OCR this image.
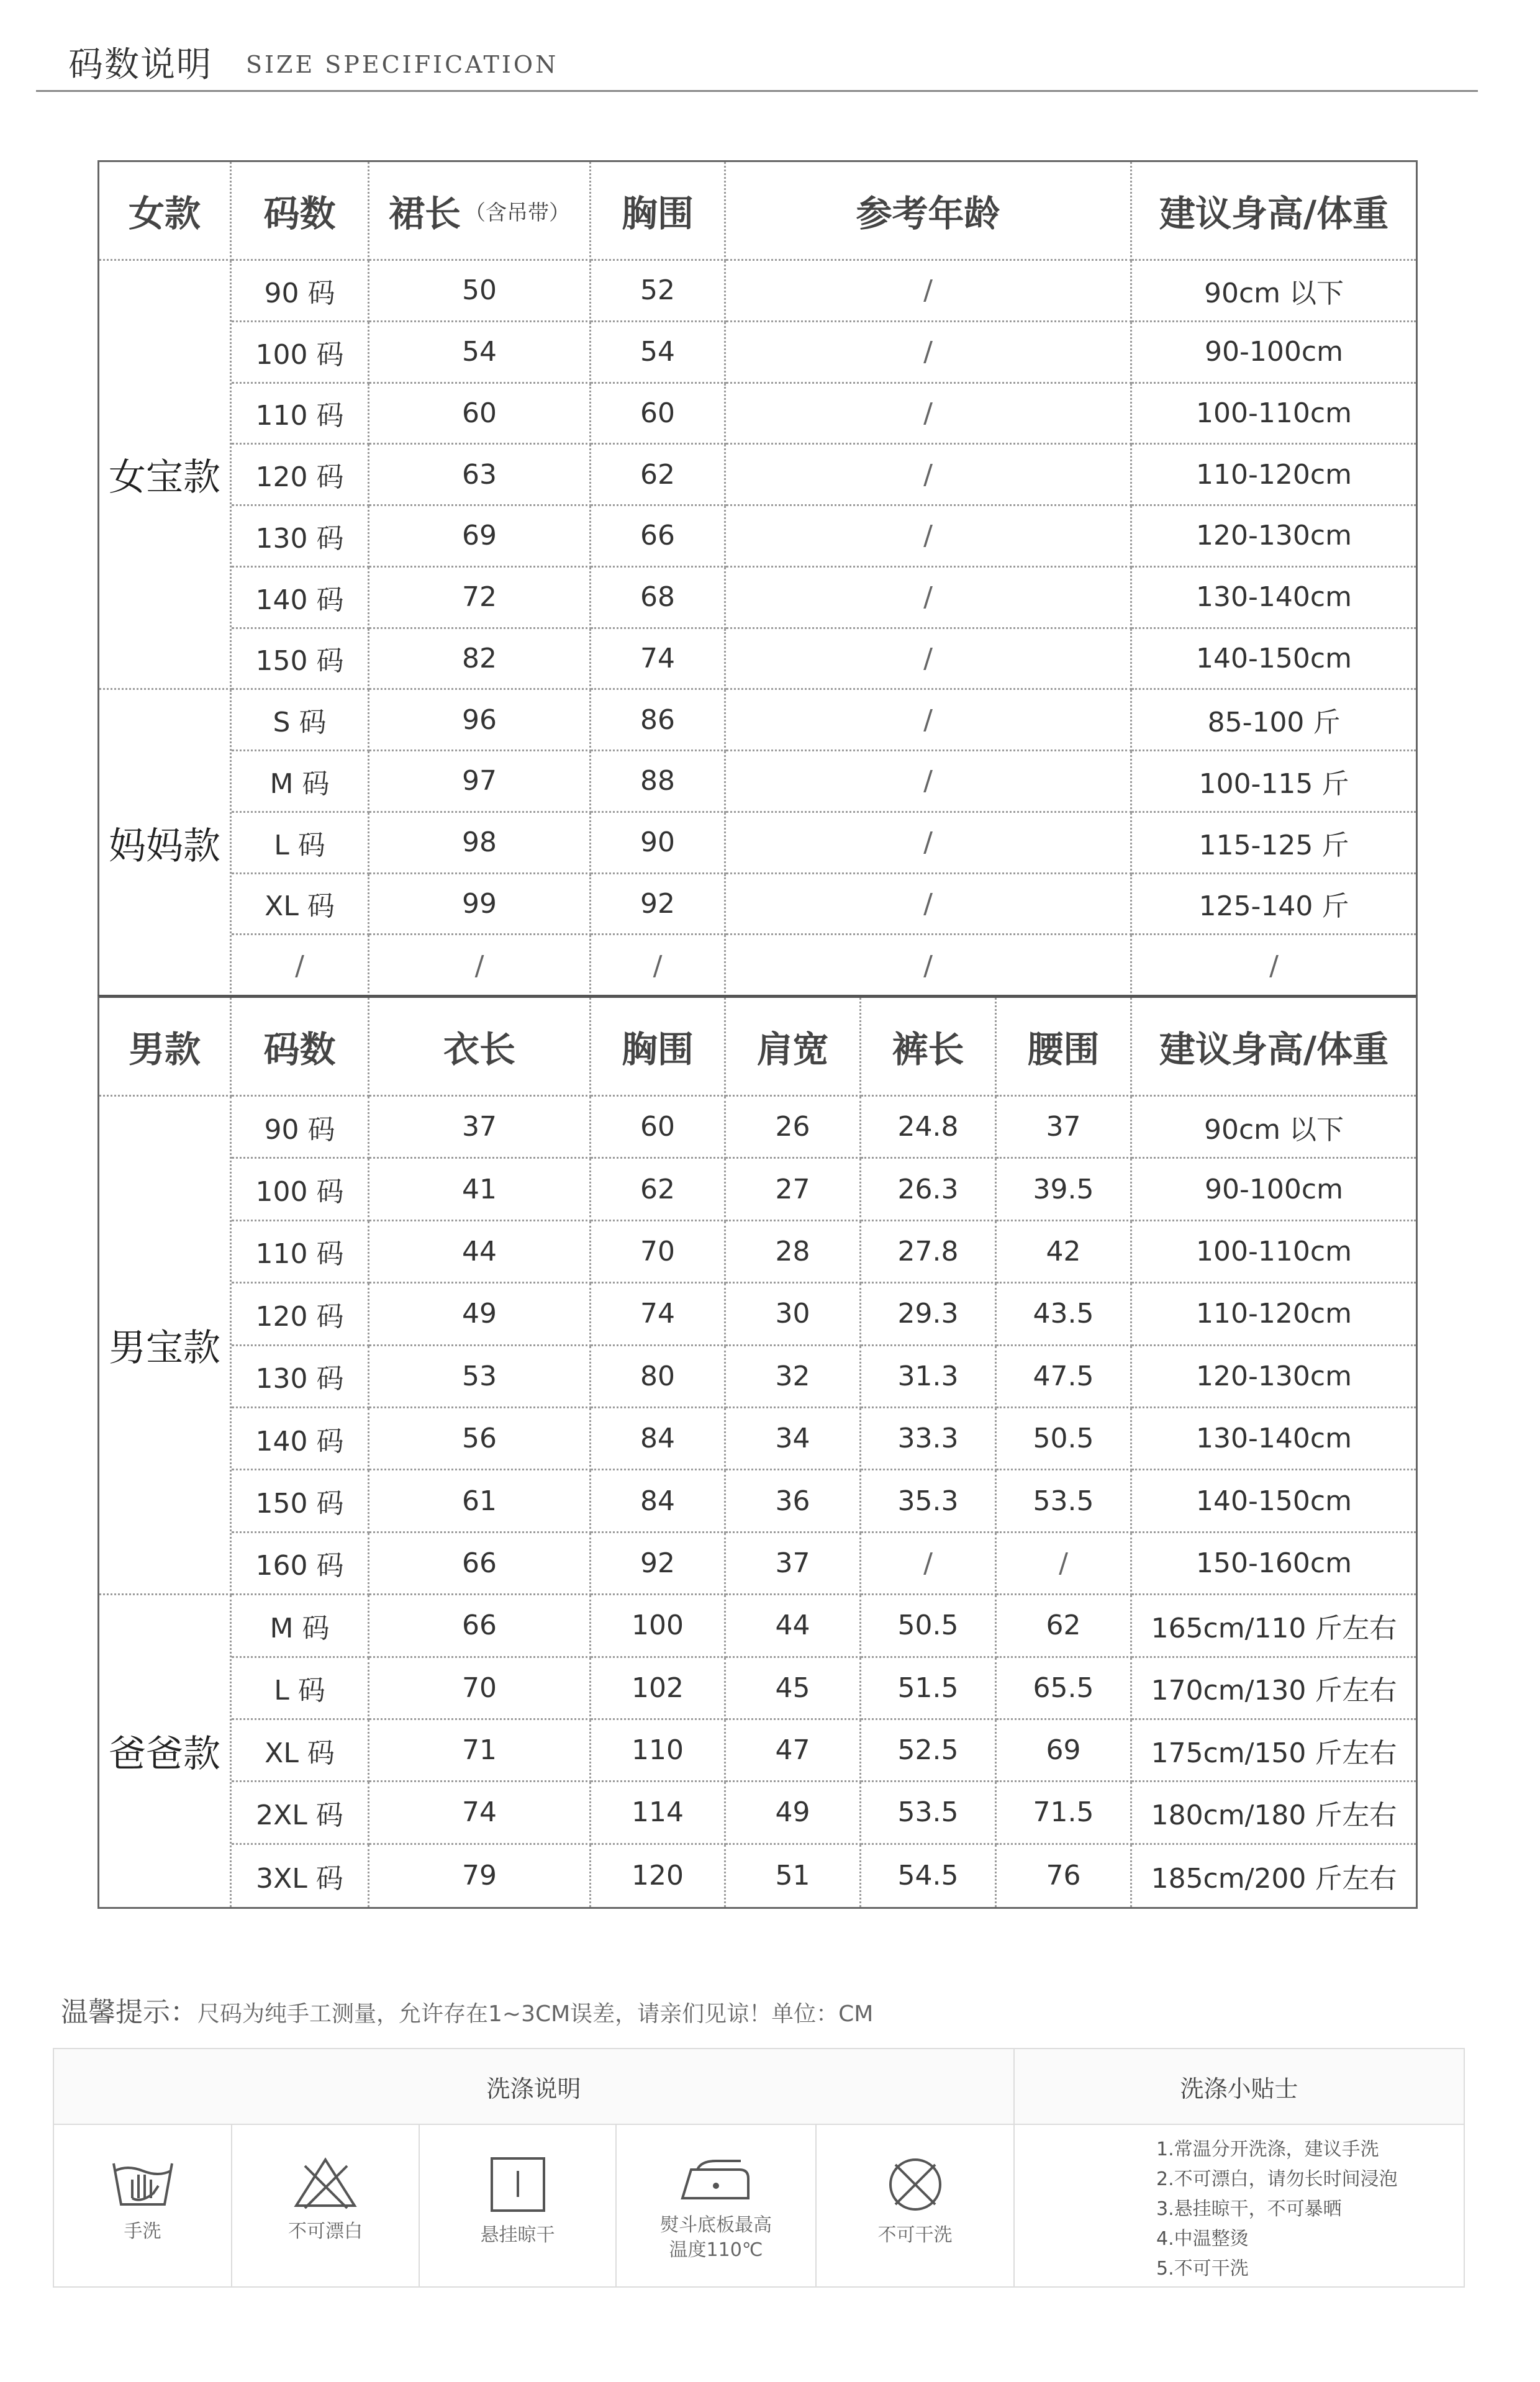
码数说明 SIZE SPECIFICATION
女款	码数	裙长 （含吊带）	胸围	参考年龄	建议身高/体重
女宝款
妈妈款
90 码	50	52	/	90cm 以下
100 码	54	54	/	90-100cm
110 码	60	60	/	100-110cm
120 码	63	62	/	110-120cm
130 码	69	66	/	120-130cm
140 码	72	68	/	130-140cm
150 码	82	74	/	140-150cm
S 码	96	86	/	85-100 斤
M 码	97	88	/	100-115 斤
L 码	98	90	/	115-125 斤
XL 码	99	92	/	125-140 斤
/	/	/	/	/
男款	码数	衣长	胸围	肩宽	裤长	腰围	建议身高/体重
男宝款
爸爸款
90 码	37	60	26	24.8	37	90cm 以下
100 码	41	62	27	26.3	39.5	90-100cm
110 码	44	70	28	27.8	42	100-110cm
120 码	49	74	30	29.3	43.5	110-120cm
130 码	53	80	32	31.3	47.5	120-130cm
140 码	56	84	34	33.3	50.5	130-140cm
150 码	61	84	36	35.3	53.5	140-150cm
160 码	66	92	37	/	/	150-160cm
M 码	66	100	44	50.5	62	165cm/110 斤左右
L 码	70	102	45	51.5	65.5	170cm/130 斤左右
XL 码	71	110	47	52.5	69	175cm/150 斤左右
2XL 码	74	114	49	53.5	71.5	180cm/180 斤左右
3XL 码	79	120	51	54.5	76	185cm/200 斤左右
温馨提示：尺码为纯手工测量，允许存在1~3CM误差，请亲们见谅！单位：CM
洗涤说明	洗涤小贴士
手洗	不可漂白	悬挂晾干	熨斗底板最高
温度110℃
不可干洗
1.常温分开洗涤，建议手洗
2.不可漂白，请勿长时间浸泡
3.悬挂晾干，不可暴晒
4.中温整烫
5.不可干洗
